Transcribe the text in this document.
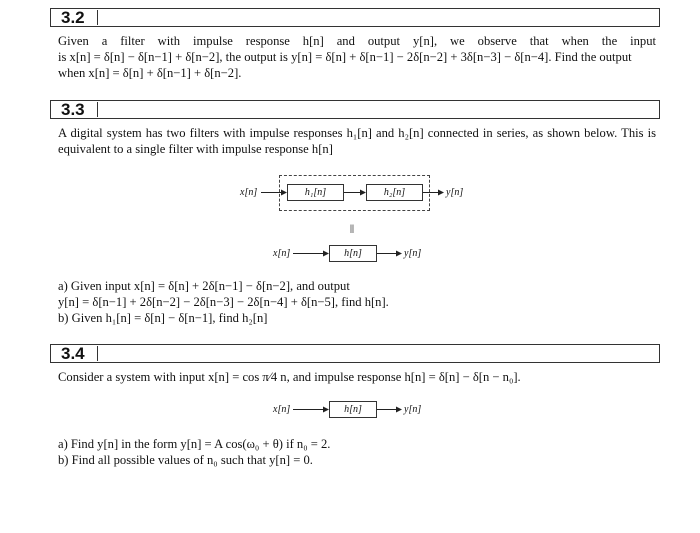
3.2
Given a filter with impulse response h[n] and output y[n], we observe that when the input
is x[n] = δ[n] − δ[n−1] + δ[n−2], the output is y[n] = δ[n] + δ[n−1] − 2δ[n−2] + 3δ[n−3] − δ[n−4]. Find the output
when x[n] = δ[n] + δ[n−1] + δ[n−2].
3.3
A digital system has two filters with impulse responses h₁[n] and h₂[n] connected in series, as shown below. This is
equivalent to a single filter with impulse response h[n]
x[n]	h₁[n]	h₂[n]	y[n]
||
x[n]	h[n]	y[n]
a) Given input x[n] = δ[n] + 2δ[n−1] − δ[n−2], and output
y[n] = δ[n−1] + 2δ[n−2] − 2δ[n−3] − 2δ[n−4] + δ[n−5], find h[n].
b) Given h₁[n] = δ[n] − δ[n−1], find h₂[n]
3.4
Consider a system with input x[n] = cos π⁄4 n, and impulse response h[n] = δ[n] − δ[n − n₀].
x[n]	h[n]	y[n]
a) Find y[n] in the form y[n] = A cos(ω₀ + θ) if n₀ = 2.
b) Find all possible values of n₀ such that y[n] = 0.
